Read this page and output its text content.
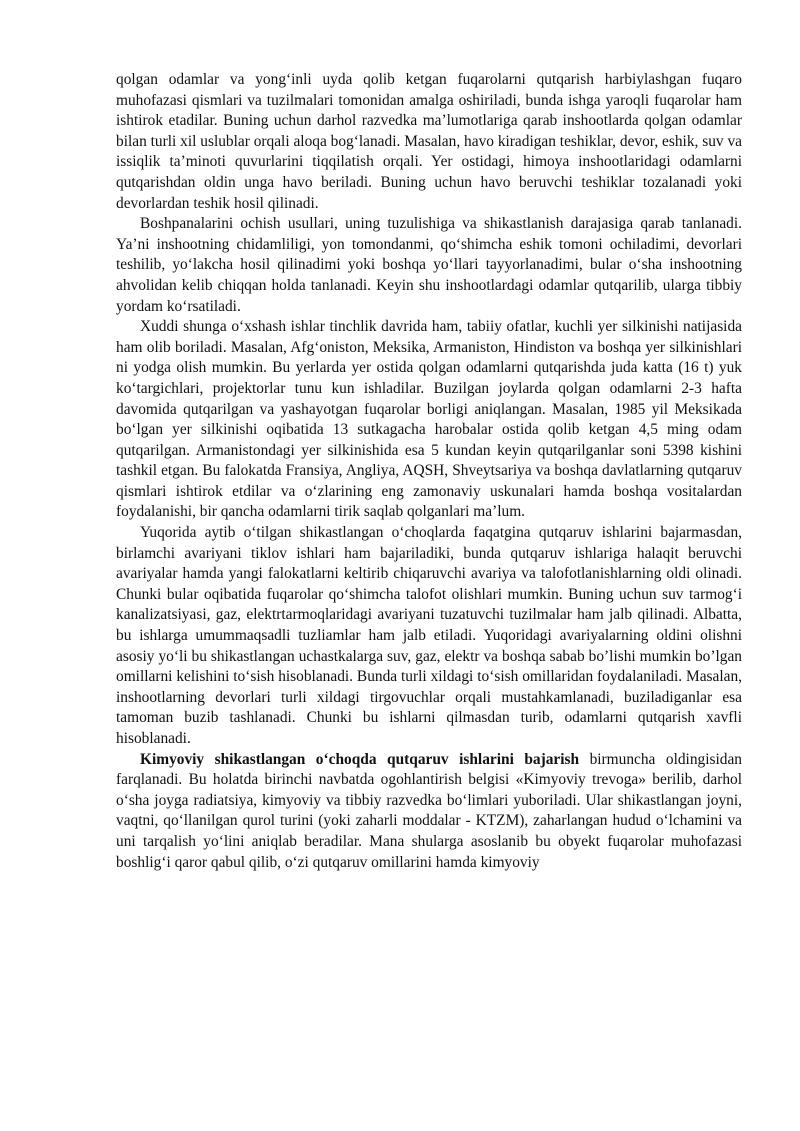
qolgan odamlar va yong‘inli uyda qolib ketgan fuqarolarni qutqarish harbiylashgan fuqaro muhofazasi qismlari va tuzilmalari tomonidan amalga oshiriladi, bunda ishga yaroqli fuqarolar ham ishtirok etadilar. Buning uchun darhol razvedka ma’lumotlariga qarab inshootlarda qolgan odamlar bilan turli xil uslublar orqali aloqa bog‘lanadi. Masalan, havo kiradigan teshiklar, devor, eshik, suv va issiqlik ta’minoti quvurlarini tiqqilatish orqali. Yer ostidagi, himoya inshootlaridagi odamlarni qutqarishdan oldin unga havo beriladi. Buning uchun havo beruvchi teshiklar tozalanadi yoki devorlardan teshik hosil qilinadi.

Boshpanalarini ochish usullari, uning tuzulishiga va shikastlanish darajasiga qarab tanlanadi. Ya’ni inshootning chidamliligi, yon tomondanmi, qo‘shimcha eshik tomoni ochiladimi, devorlari teshilib, yo‘lakcha hosil qilinadimi yoki boshqa yo‘llari tayyorlanadimi, bular o‘sha inshootning ahvolidan kelib chiqqan holda tanlanadi. Keyin shu inshootlardagi odamlar qutqarilib, ularga tibbiy yordam ko‘rsatiladi.

Xuddi shunga o‘xshash ishlar tinchlik davrida ham, tabiiy ofatlar, kuchli yer silkinishi natijasida ham olib boriladi. Masalan, Afg‘oniston, Meksika, Armaniston, Hindiston va boshqa yer silkinishlari ni yodga olish mumkin. Bu yerlarda yer ostida qolgan odamlarni qutqarishda juda katta (16 t) yuk ko‘targichlari, projektorlar tunu kun ishladilar. Buzilgan joylarda qolgan odamlarni 2-3 hafta davomida qutqarilgan va yashayotgan fuqarolar borligi aniqlangan. Masalan, 1985 yil Meksikada bo‘lgan yer silkinishi oqibatida 13 sutkagacha harobalar ostida qolib ketgan 4,5 ming odam qutqarilgan. Armanistondagi yer silkinishida esa 5 kundan keyin qutqarilganlar soni 5398 kishini tashkil etgan. Bu falokatda Fransiya, Angliya, AQSH, Shveytsariya va boshqa davlatlarning qutqaruv qismlari ishtirok etdilar va o‘zlarining eng zamonaviy uskunalari hamda boshqa vositalardan foydalanishi, bir qancha odamlarni tirik saqlab qolganlari ma’lum.

Yuqorida aytib o‘tilgan shikastlangan o‘choqlarda faqatgina qutqaruv ishlarini bajarmasdan, birlamchi avariyani tiklov ishlari ham bajariladiki, bunda qutqaruv ishlariga halaqit beruvchi avariyalar hamda yangi falokatlarni keltirib chiqaruvchi avariya va talofotlanishlarning oldi olinadi. Chunki bular oqibatida fuqarolar qo‘shimcha talofot olishlari mumkin. Buning uchun suv tarmog‘i kanalizatsiyasi, gaz, elektrtarmoqlaridagi avariyani tuzatuvchi tuzilmalar ham jalb qilinadi. Albatta, bu ishlarga umummaqsadli tuzliamlar ham jalb etiladi. Yuqoridagi avariyalarning oldini olishni asosiy yo‘li bu shikastlangan uchastkalarga suv, gaz, elektr va boshqa sabab bo’lishi mumkin bo’lgan omillarni kelishini to‘sish hisoblanadi. Bunda turli xildagi to‘sish omillaridan foydalaniladi. Masalan, inshootlarning devorlari turli xildagi tirgovuchlar orqali mustahkamlanadi, buziladiganlar esa tamoman buzib tashlanadi. Chunki bu ishlarni qilmasdan turib, odamlarni qutqarish xavfli hisoblanadi.

Kimyoviy shikastlangan o‘choqda qutqaruv ishlarini bajarish birmuncha oldingisidan farqlanadi. Bu holatda birinchi navbatda ogohlantirish belgisi «Kimyoviy trevoga» berilib, darhol o‘sha joyga radiatsiya, kimyoviy va tibbiy razvedka bo‘limlari yuboriladi. Ular shikastlangan joyni, vaqtni, qo‘llanilgan qurol turini (yoki zaharli moddalar - KTZM), zaharlangan hudud o‘lchamini va uni tarqalish yo‘lini aniqlab beradilar. Mana shularga asoslanib bu obyekt fuqarolar muhofazasi boshlig‘i qaror qabul qilib, o‘zi qutqaruv omillarini hamda kimyoviy
